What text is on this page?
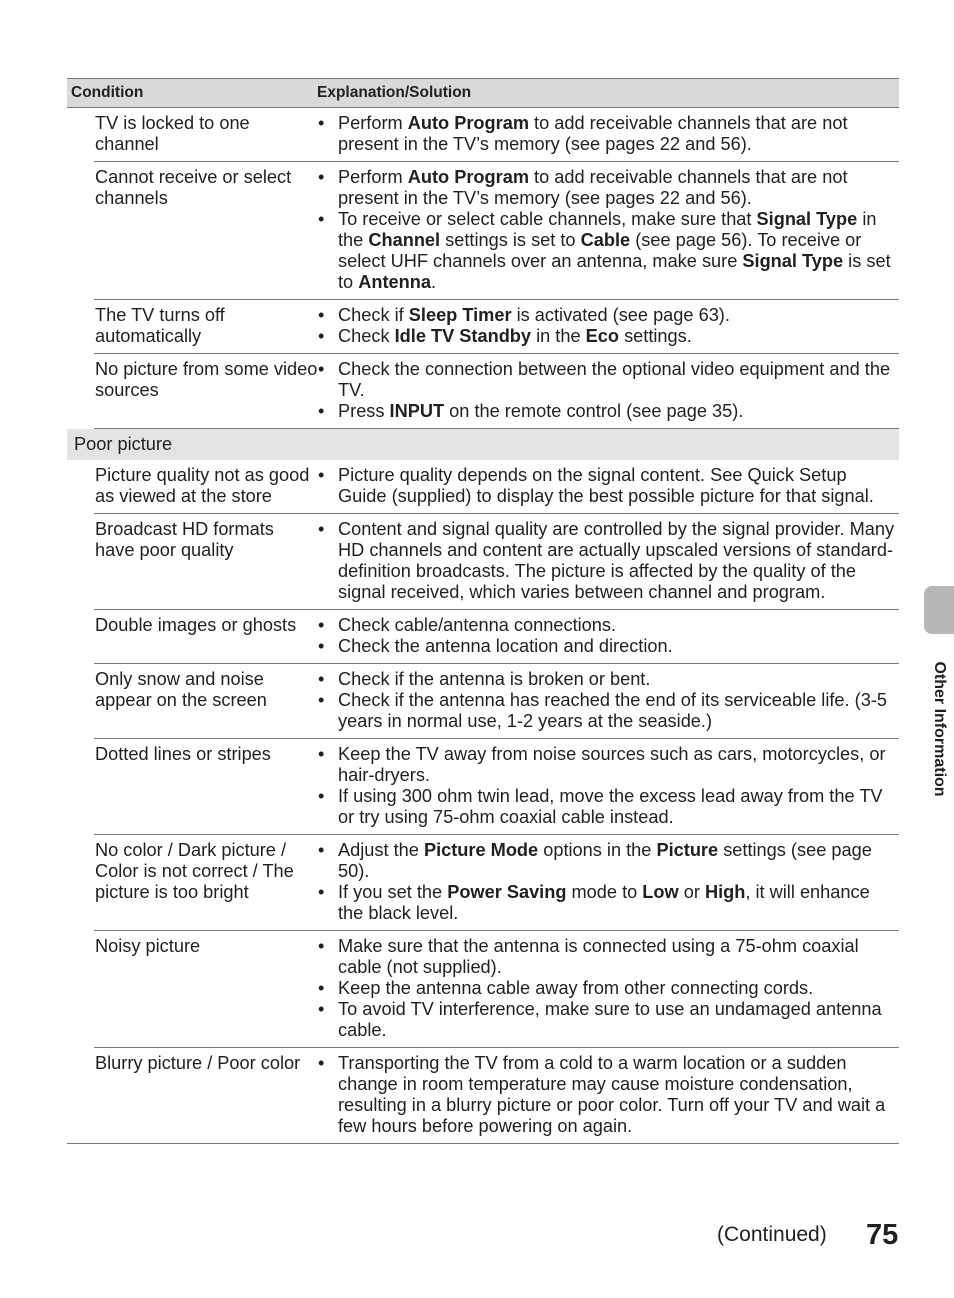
Condition	Explanation/Solution
TV is locked to one channel
• Perform Auto Program to add receivable channels that are not present in the TV’s memory (see pages 22 and 56).
Cannot receive or select channels
• Perform Auto Program to add receivable channels that are not present in the TV’s memory (see pages 22 and 56).
• To receive or select cable channels, make sure that Signal Type in the Channel settings is set to Cable (see page 56). To receive or select UHF channels over an antenna, make sure Signal Type is set to Antenna.
The TV turns off automatically
• Check if Sleep Timer is activated (see page 63).
• Check Idle TV Standby in the Eco settings.
No picture from some video sources
• Check the connection between the optional video equipment and the TV.
• Press INPUT on the remote control (see page 35).
Poor picture
Picture quality not as good as viewed at the store
• Picture quality depends on the signal content. See Quick Setup Guide (supplied) to display the best possible picture for that signal.
Broadcast HD formats have poor quality
• Content and signal quality are controlled by the signal provider. Many HD channels and content are actually upscaled versions of standard-definition broadcasts. The picture is affected by the quality of the signal received, which varies between channel and program.
Double images or ghosts	• Check cable/antenna connections.
• Check the antenna location and direction.
Only snow and noise appear on the screen
• Check if the antenna is broken or bent.
• Check if the antenna has reached the end of its serviceable life. (3-5 years in normal use, 1-2 years at the seaside.)
Dotted lines or stripes	• Keep the TV away from noise sources such as cars, motorcycles, or hair-dryers.
• If using 300 ohm twin lead, move the excess lead away from the TV or try using 75-ohm coaxial cable instead.
No color / Dark picture / Color is not correct / The picture is too bright
• Adjust the Picture Mode options in the Picture settings (see page 50).
• If you set the Power Saving mode to Low or High, it will enhance the black level.
Noisy picture	• Make sure that the antenna is connected using a 75-ohm coaxial cable (not supplied).
• Keep the antenna cable away from other connecting cords.
• To avoid TV interference, make sure to use an undamaged antenna cable.
Blurry picture / Poor color • Transporting the TV from a cold to a warm location or a sudden change in room temperature may cause moisture condensation, resulting in a blurry picture or poor color. Turn off your TV and wait a few hours before powering on again.
Other Information
(Continued) 75
